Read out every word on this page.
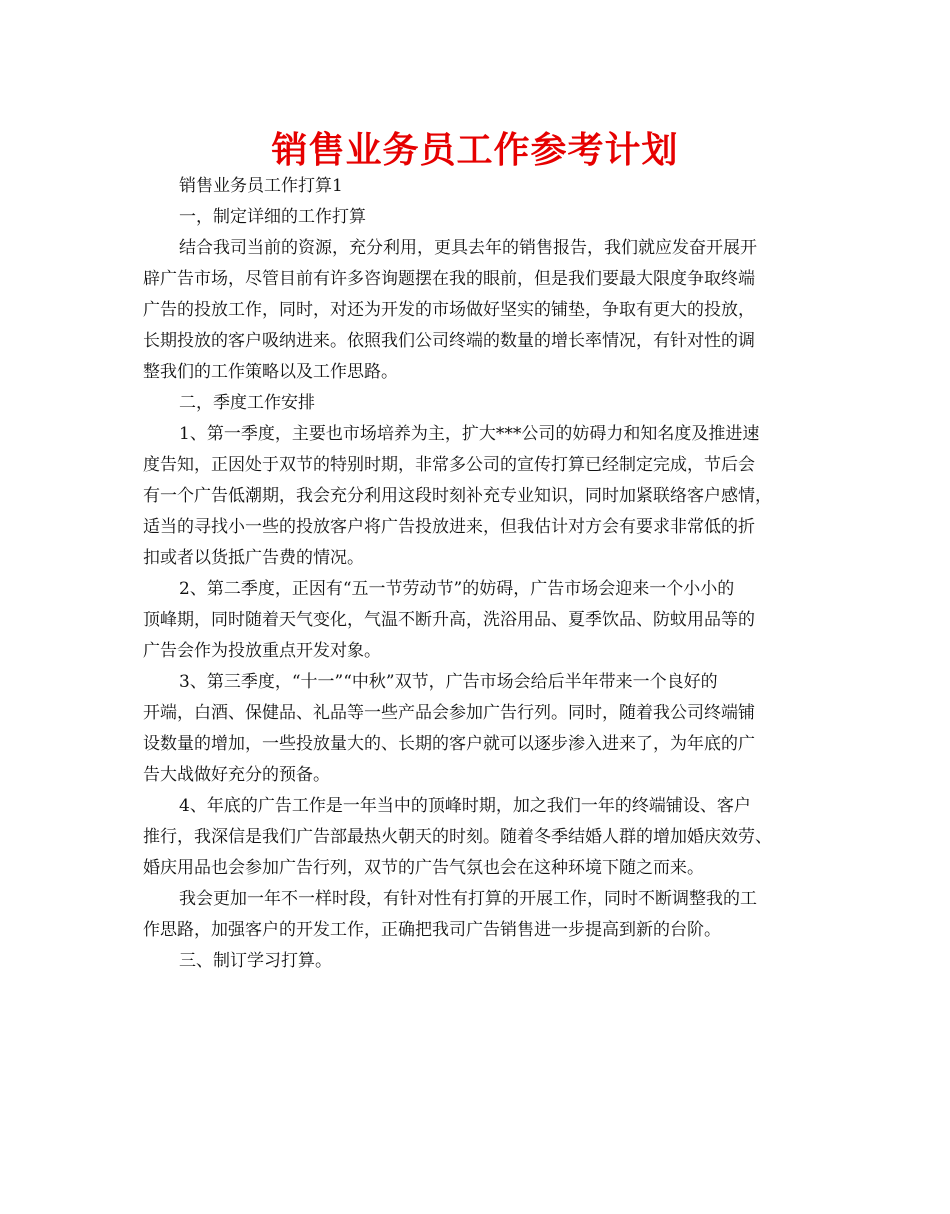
销售业务员工作参考计划
销售业务员工作打算1
一，制定详细的工作打算
结合我司当前的资源，充分利用，更具去年的销售报告，我们就应发奋开展开
辟广告市场，尽管目前有许多咨询题摆在我的眼前，但是我们要最大限度争取终端
广告的投放工作，同时，对还为开发的市场做好坚实的铺垫，争取有更大的投放，
长期投放的客户吸纳进来。依照我们公司终端的数量的增长率情况，有针对性的调
整我们的工作策略以及工作思路。
二，季度工作安排
1、第一季度，主要也市场培养为主，扩大***公司的妨碍力和知名度及推进速
度告知，正因处于双节的特别时期，非常多公司的宣传打算已经制定完成，节后会
有一个广告低潮期，我会充分利用这段时刻补充专业知识，同时加紧联络客户感情，
适当的寻找小一些的投放客户将广告投放进来，但我估计对方会有要求非常低的折
扣或者以货抵广告费的情况。
2、第二季度，正因有“五一节劳动节”的妨碍，广告市场会迎来一个小小的
顶峰期，同时随着天气变化，气温不断升高，洗浴用品、夏季饮品、防蚊用品等的
广告会作为投放重点开发对象。
3、第三季度，“十一”“中秋”双节，广告市场会给后半年带来一个良好的
开端，白酒、保健品、礼品等一些产品会参加广告行列。同时，随着我公司终端铺
设数量的增加，一些投放量大的、长期的客户就可以逐步渗入进来了，为年底的广
告大战做好充分的预备。
4、年底的广告工作是一年当中的顶峰时期，加之我们一年的终端铺设、客户
推行，我深信是我们广告部最热火朝天的时刻。随着冬季结婚人群的增加婚庆效劳、
婚庆用品也会参加广告行列，双节的广告气氛也会在这种环境下随之而来。
我会更加一年不一样时段，有针对性有打算的开展工作，同时不断调整我的工
作思路，加强客户的开发工作，正确把我司广告销售进一步提高到新的台阶。
三、制订学习打算。
